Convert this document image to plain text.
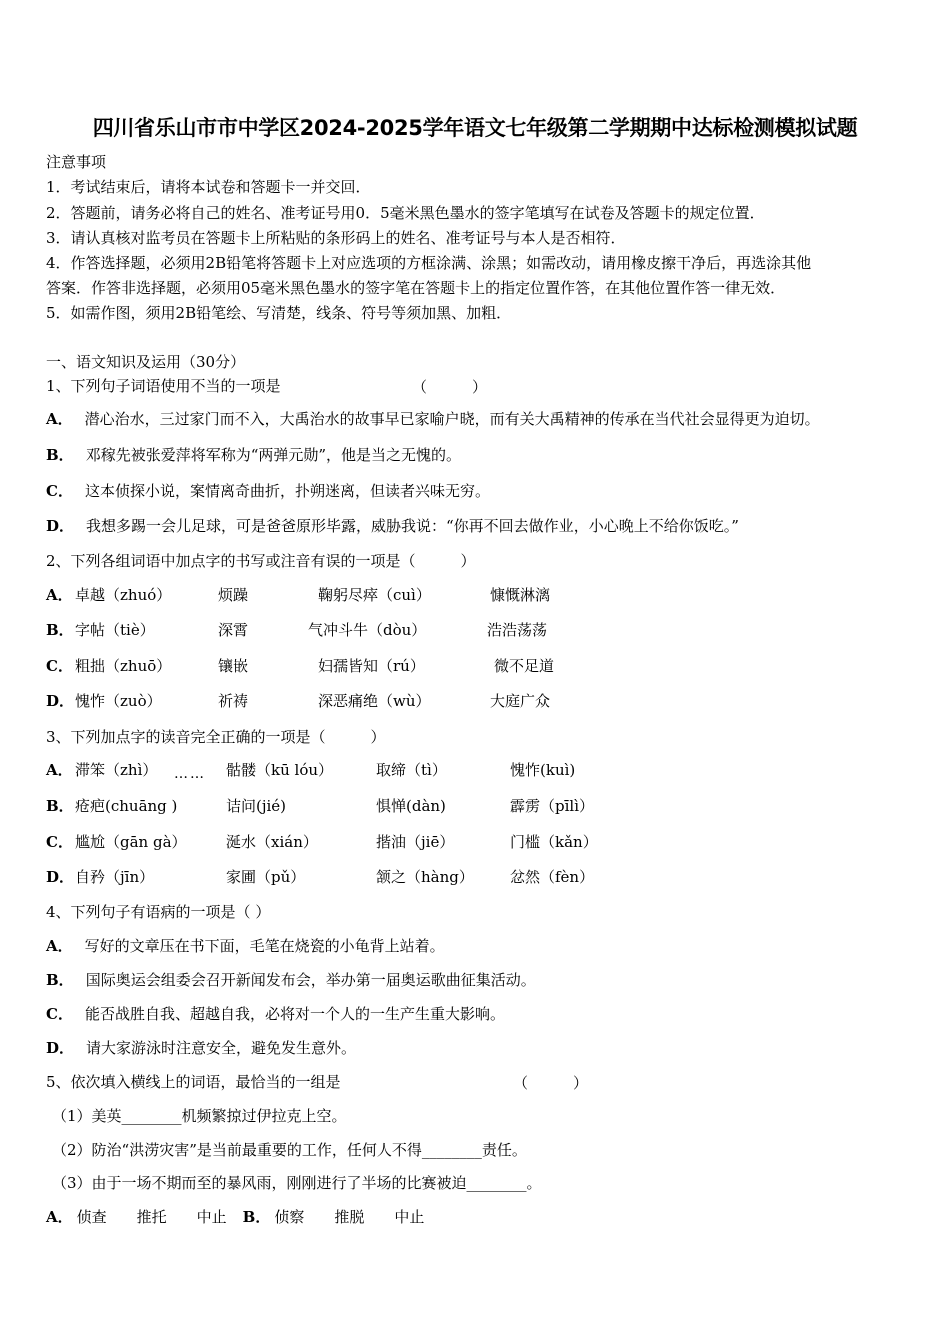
四川省乐山市市中学区2024-2025学年语文七年级第二学期期中达标检测模拟试题
注意事项
1．考试结束后，请将本试卷和答题卡一并交回．
2．答题前，请务必将自己的姓名、准考证号用0．5毫米黑色墨水的签字笔填写在试卷及答题卡的规定位置．
3．请认真核对监考员在答题卡上所粘贴的条形码上的姓名、准考证号与本人是否相符．
4．作答选择题，必须用2B铅笔将答题卡上对应选项的方框涂满、涂黑；如需改动，请用橡皮擦干净后，再选涂其他
答案．作答非选择题，必须用05毫米黑色墨水的签字笔在答题卡上的指定位置作答，在其他位置作答一律无效．
5．如需作图，须用2B铅笔绘、写清楚，线条、符号等须加黑、加粗．
一、语文知识及运用（30分）
1、下列句子词语使用不当的一项是	（　　　）
A． 潜心治水，三过家门而不入，大禹治水的故事早已家喻户晓，而有关大禹精神的传承在当代社会显得更为迫切。
B． 邓稼先被张爱萍将军称为“两弹元勋”，他是当之无愧的。
C． 这本侦探小说，案情离奇曲折，扑朔迷离，但读者兴味无穷。
D． 我想多踢一会儿足球，可是爸爸原形毕露，威胁我说：“你再不回去做作业，小心晚上不给你饭吃。”
2、下列各组词语中加点字的书写或注音有误的一项是（　　　）
A． 卓越（zhuó）	烦躁	鞠躬尽瘁（cuì）	慷慨淋漓
B． 字帖（tiè）	深霄	气冲斗牛（dòu）	浩浩荡荡
C． 粗拙（zhuō）	镶嵌	妇孺皆知（rú）	微不足道
D． 愧怍（zuò）	祈祷	深恶痛绝（wù）	大庭广众
3、下列加点字的读音完全正确的一项是（　　　）
A． 滞笨（zhì） …… 骷髅（kū lóu）	取缔（tì）	愧怍(kuì)
B． 疮疤(chuāng )	诘问(jié)	惧惮(dàn)	霹雳（pīlì）
C． 尴尬（gān gà）	涎水（xián）	揩油（jiē）	门槛（kǎn）
D． 自矜（jīn）	家圃（pǔ）	颔之（hàng） 忿然（fèn）
4、下列句子有语病的一项是（ ）
A． 写好的文章压在书下面，毛笔在烧瓷的小龟背上站着。
B． 国际奥运会组委会召开新闻发布会，举办第一届奥运歌曲征集活动。
C． 能否战胜自我、超越自我，必将对一个人的一生产生重大影响。
D． 请大家游泳时注意安全，避免发生意外。
5、依次填入横线上的词语，最恰当的一组是	（　　　）
（1）美英________机频繁掠过伊拉克上空。
（2）防治“洪涝灾害”是当前最重要的工作，任何人不得________责任。
（3）由于一场不期而至的暴风雨，刚刚进行了半场的比赛被迫________。
A． 侦查　　推托　　中止 B． 侦察　　推脱　　中止
